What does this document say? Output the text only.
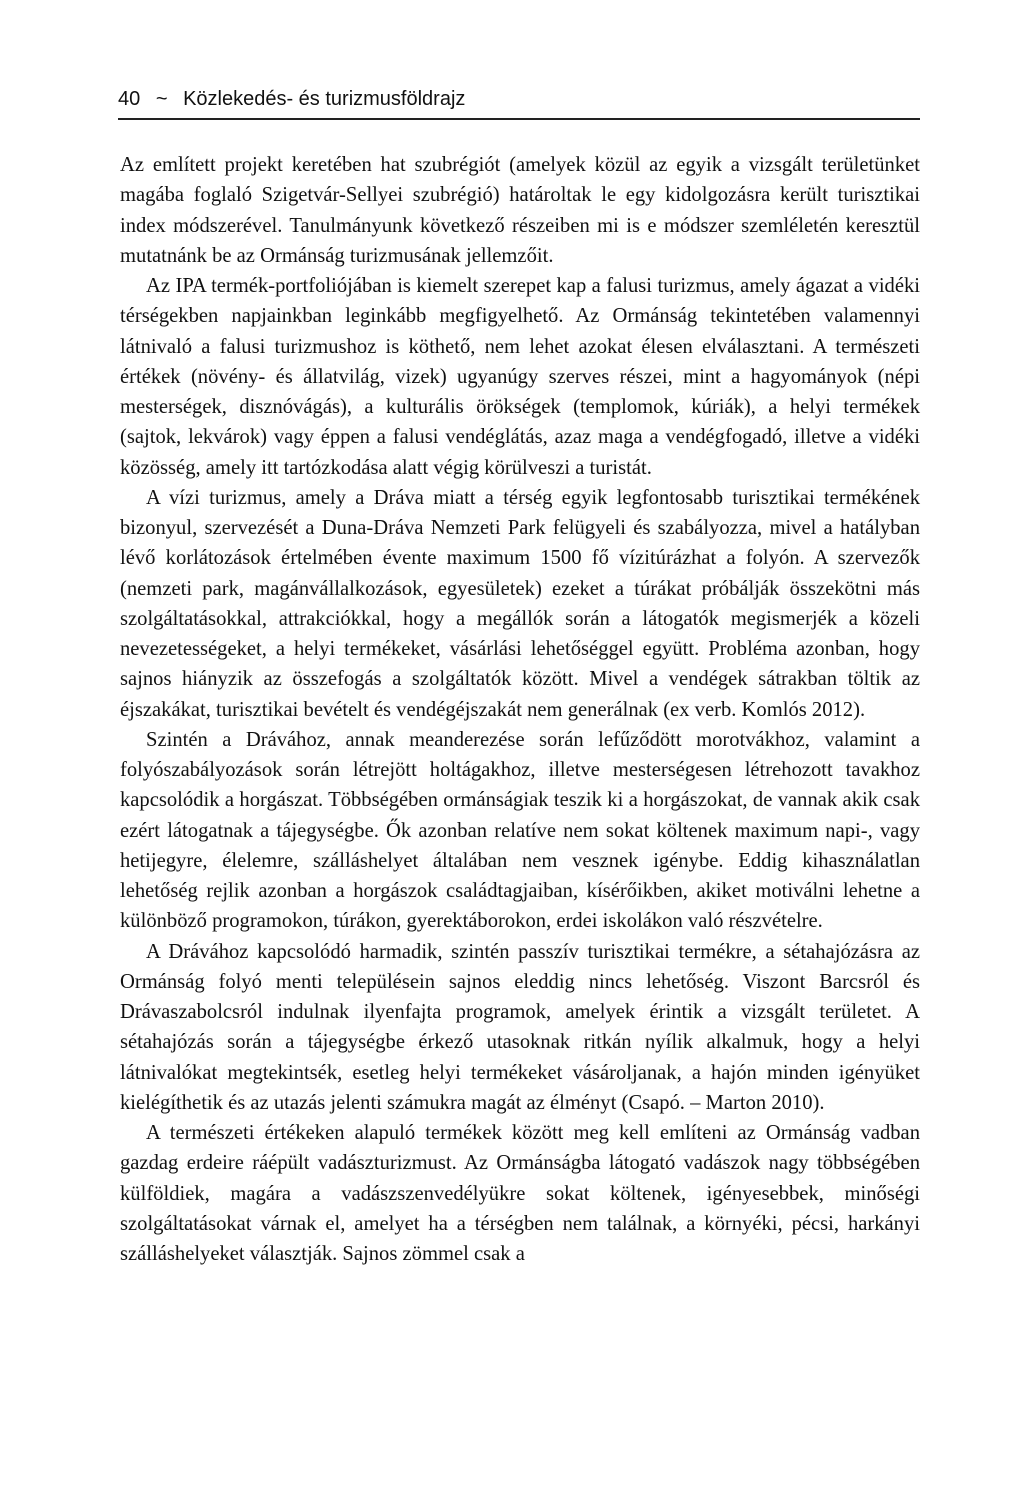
40 ~ Közlekedés- és turizmusföldrajz

Az említett projekt keretében hat szubrégiót (amelyek közül az egyik a vizsgált területünket magába foglaló Szigetvár-Sellyei szubrégió) határoltak le egy kidolgozásra került turisztikai index módszerével. Tanulmányunk következő részeiben mi is e módszer szemléletén keresztül mutatnánk be az Ormánság turizmusának jellemzőit.

Az IPA termék-portfoliójában is kiemelt szerepet kap a falusi turizmus, amely ágazat a vidéki térségekben napjainkban leginkább megfigyelhető. Az Ormánság tekintetében valamennyi látnivaló a falusi turizmushoz is köthető, nem lehet azokat élesen elválasztani. A természeti értékek (növény- és állatvilág, vizek) ugyanúgy szerves részei, mint a hagyományok (népi mesterségek, disznóvágás), a kulturális örökségek (templomok, kúriák), a helyi termékek (sajtok, lekvárok) vagy éppen a falusi vendéglátás, azaz maga a vendégfogadó, illetve a vidéki közösség, amely itt tartózkodása alatt végig körülveszi a turistát.

A vízi turizmus, amely a Dráva miatt a térség egyik legfontosabb turisztikai termékének bizonyul, szervezését a Duna-Dráva Nemzeti Park felügyeli és szabályozza, mivel a hatályban lévő korlátozások értelmében évente maximum 1500 fő vízitúrázhat a folyón. A szervezők (nemzeti park, magánvállalkozások, egyesületek) ezeket a túrákat próbálják összekötni más szolgáltatásokkal, attrakciókkal, hogy a megállók során a látogatók megismerjék a közeli nevezetességeket, a helyi termékeket, vásárlási lehetőséggel együtt. Probléma azonban, hogy sajnos hiányzik az összefogás a szolgáltatók között. Mivel a vendégek sátrakban töltik az éjszakákat, turisztikai bevételt és vendégéjszakát nem generálnak (ex verb. Komlós 2012).

Szintén a Drávához, annak meanderezése során lefűződött morotvákhoz, valamint a folyószabályozások során létrejött holtágakhoz, illetve mesterségesen létrehozott tavakhoz kapcsolódik a horgászat. Többségében ormánságiak teszik ki a horgászokat, de vannak akik csak ezért látogatnak a tájegységbe. Ők azonban relatíve nem sokat költenek maximum napi-, vagy hetijegyre, élelemre, szálláshelyet általában nem vesznek igénybe. Eddig kihasználatlan lehetőség rejlik azonban a horgászok családtagjaiban, kísérőikben, akiket motiválni lehetne a különböző programokon, túrákon, gyerektáborokon, erdei iskolákon való részvételre.

A Drávához kapcsolódó harmadik, szintén passzív turisztikai termékre, a sétahajózásra az Ormánság folyó menti településein sajnos eleddig nincs lehetőség. Viszont Barcsról és Drávaszabolcsról indulnak ilyenfajta programok, amelyek érintik a vizsgált területet. A sétahajózás során a tájegységbe érkező utasoknak ritkán nyílik alkalmuk, hogy a helyi látnivalókat megtekintsék, esetleg helyi termékeket vásároljanak, a hajón minden igényüket kielégíthetik és az utazás jelenti számukra magát az élményt (Csapó. – Marton 2010).

A természeti értékeken alapuló termékek között meg kell említeni az Ormánság vadban gazdag erdeire ráépült vadászturizmust. Az Ormánságba látogató vadászok nagy többségében külföldiek, magára a vadászszenvedélyükre sokat költenek, igényesebbek, minőségi szolgáltatásokat várnak el, amelyet ha a térségben nem találnak, a környéki, pécsi, harkányi szálláshelyeket választják. Sajnos zömmel csak a
